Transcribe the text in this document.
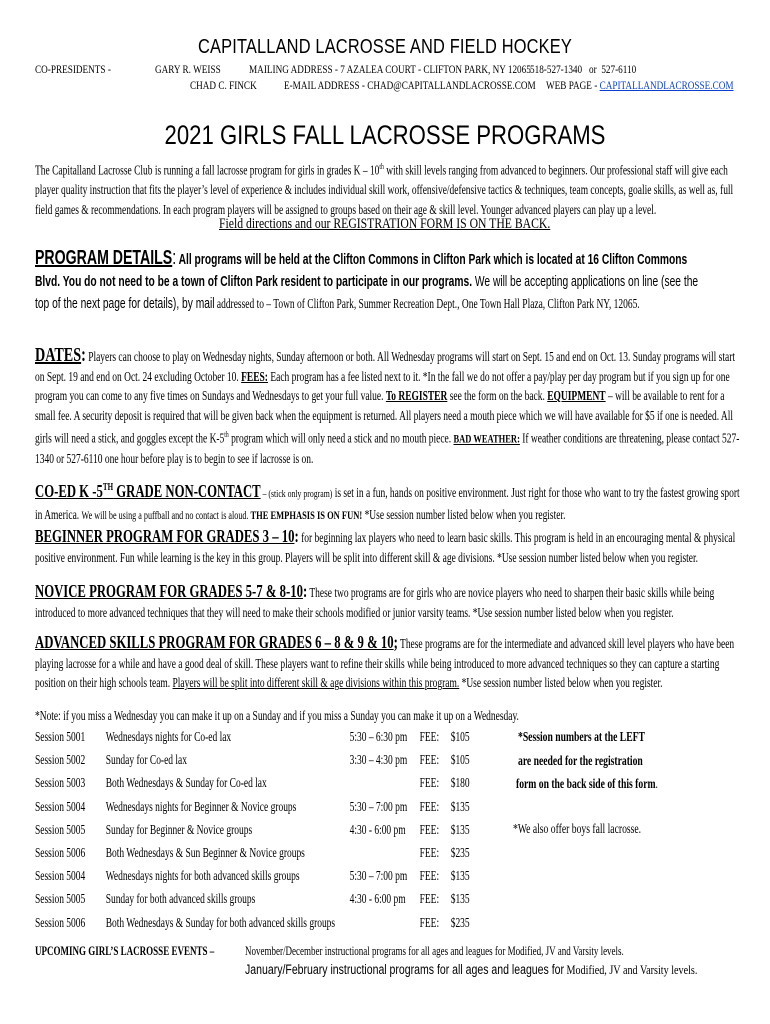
CAPITALLAND LACROSSE AND FIELD HOCKEY
CO-PRESIDENTS -	GARY R. WEISS MAILING ADDRESS - 7 AZALEA COURT - CLIFTON PARK, NY 12065 518-527-1340 or 527-6110
CHAD C. FINCK E-MAIL ADDRESS - CHAD@CAPITALLANDLACROSSE.COM WEB PAGE - CAPITALLANDLACROSSE.COM
2021 GIRLS FALL LACROSSE PROGRAMS
The Capitalland Lacrosse Club is running a fall lacrosse program for girls in grades K – 10th with skill levels ranging from advanced to beginners. Our professional staff will give each player quality instruction that fits the player’s level of experience & includes individual skill work, offensive/defensive tactics & techniques, team concepts, goalie skills, as well as, full field games & recommendations. In each program players will be assigned to groups based on their age & skill level. Younger advanced players can play up a level.
Field directions and our REGISTRATION FORM IS ON THE BACK.
PROGRAM DETAILS: All programs will be held at the Clifton Commons in Clifton Park which is located at 16 Clifton Commons Blvd. You do not need to be a town of Clifton Park resident to participate in our programs. We will be accepting applications on line (see the top of the next page for details), by mail addressed to – Town of Clifton Park, Summer Recreation Dept., One Town Hall Plaza, Clifton Park NY, 12065.
DATES: Players can choose to play on Wednesday nights, Sunday afternoon or both. All Wednesday programs will start on Sept. 15 and end on Oct. 13. Sunday programs will start on Sept. 19 and end on Oct. 24 excluding October 10. FEES: Each program has a fee listed next to it. *In the fall we do not offer a pay/play per day program but if you sign up for one program you can come to any five times on Sundays and Wednesdays to get your full value. To REGISTER see the form on the back. EQUIPMENT – will be available to rent for a small fee. A security deposit is required that will be given back when the equipment is returned. All players need a mouth piece which we will have available for $5 if one is needed. All girls will need a stick, and goggles except the K-5th program which will only need a stick and no mouth piece. BAD WEATHER: If weather conditions are threatening, please contact 527-1340 or 527-6110 one hour before play is to begin to see if lacrosse is on.
CO-ED K -5TH GRADE NON-CONTACT – (stick only program) is set in a fun, hands on positive environment. Just right for those who want to try the fastest growing sport in America. We will be using a puffball and no contact is aloud. THE EMPHASIS IS ON FUN! *Use session number listed below when you register.
BEGINNER PROGRAM FOR GRADES 3 – 10: for beginning lax players who need to learn basic skills. This program is held in an encouraging mental & physical positive environment. Fun while learning is the key in this group. Players will be split into different skill & age divisions. *Use session number listed below when you register.
NOVICE PROGRAM FOR GRADES 5-7 & 8-10: These two programs are for girls who are novice players who need to sharpen their basic skills while being introduced to more advanced techniques that they will need to make their schools modified or junior varsity teams. *Use session number listed below when you register.
ADVANCED SKILLS PROGRAM FOR GRADES 6 – 8 & 9 & 10; These programs are for the intermediate and advanced skill level players who have been playing lacrosse for a while and have a good deal of skill. These players want to refine their skills while being introduced to more advanced techniques so they can capture a starting position on their high schools team. Players will be split into different skill & age divisions within this program. *Use session number listed below when you register.
*Note: if you miss a Wednesday you can make it up on a Sunday and if you miss a Sunday you can make it up on a Wednesday.
Session 5001 Wednesdays nights for Co-ed lax	5:30 – 6:30 pm FEE: $105
Session 5002 Sunday for Co-ed lax	3:30 – 4:30 pm FEE: $105
Session 5003 Both Wednesdays & Sunday for Co-ed lax	FEE: $180
Session 5004 Wednesdays nights for Beginner & Novice groups	5:30 – 7:00 pm FEE: $135
Session 5005 Sunday for Beginner & Novice groups	4:30 - 6:00 pm FEE: $135
Session 5006 Both Wednesdays & Sun Beginner & Novice groups	FEE: $235
Session 5004 Wednesdays nights for both advanced skills groups	5:30 – 7:00 pm FEE: $135
Session 5005 Sunday for both advanced skills groups	4:30 - 6:00 pm FEE: $135
Session 5006 Both Wednesdays & Sunday for both advanced skills groups	FEE: $235
*Session numbers at the LEFT
are needed for the registration
form on the back side of this form.
*We also offer boys fall lacrosse.
UPCOMING GIRL’S LACROSSE EVENTS – November/December instructional programs for all ages and leagues for Modified, JV and Varsity levels.
January/February instructional programs for all ages and leagues for Modified, JV and Varsity levels.
